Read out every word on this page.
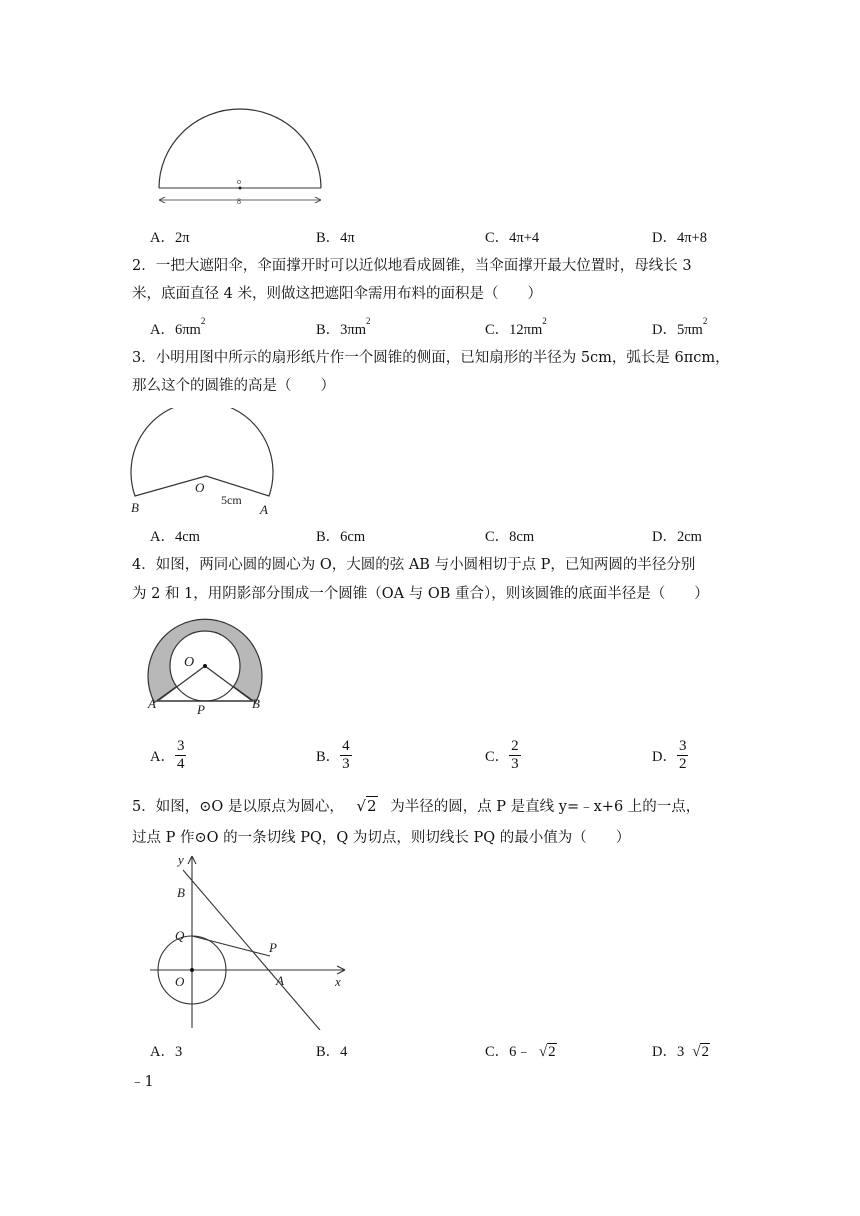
o
8
A．2π	B．4π	C．4π+4	D．4π+8
2．一把大遮阳伞，伞面撑开时可以近似地看成圆锥，当伞面撑开最大位置时，母线长 3
米，底面直径 4 米，则做这把遮阳伞需用布料的面积是（　　）
A．$6\pi m^2$
B．$3\pi m^2$
C．$12\pi m^2$
D．$5\pi m^2$
3．小明用图中所示的扇形纸片作一个圆锥的侧面，已知扇形的半径为 5cm，弧长是 6πcm，
那么这个的圆锥的高是（　　）
O
B	A
5cm
A．4cm	B．6cm	C．8cm	D．2cm
4．如图，两同心圆的圆心为 O，大圆的弦 AB 与小圆相切于点 P，已知两圆的半径分别
为 2 和 1，用阴影部分围成一个圆锥（OA 与 OB 重合），则该圆锥的底面半径是（　　）
O
A	P	B
A． $\frac{3}{4}$	B． $\frac{4}{3}$	C． $\frac{2}{3}$	D． $\frac{3}{2}$
5．如图，⊙O 是以原点为圆心， √2 为半径的圆，点 P 是直线 y=﹣x+6 上的一点，
过点 P 作⊙O 的一条切线 PQ，Q 为切点，则切线长 PQ 的最小值为（　　）
y
B
Q
P
O	A	x
A．3	B．4	C．6﹣ √2	D．3 √2
﹣1
